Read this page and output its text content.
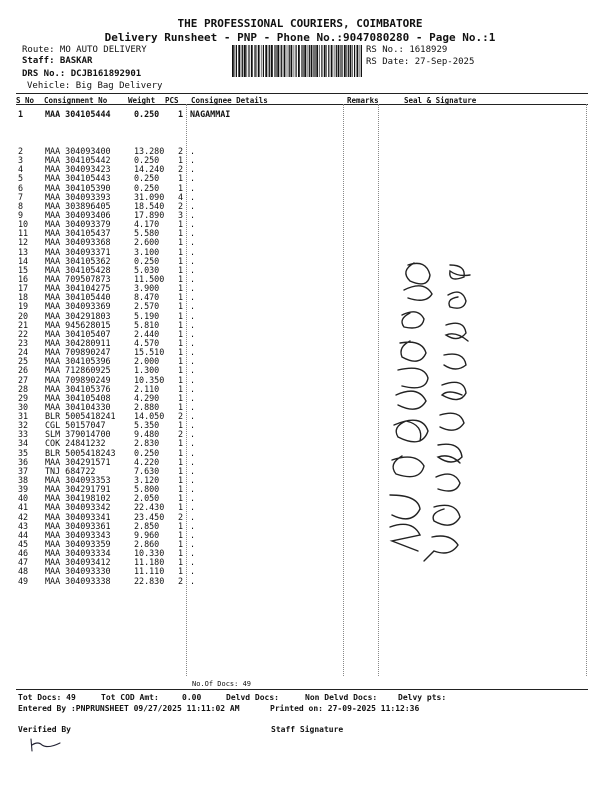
THE PROFESSIONAL COURIERS, COIMBATORE
Delivery Runsheet - PNP - Phone No.:9047080280 - Page No.:1
Route: MO AUTO DELIVERY
Staff: BASKAR
DRS No.: DCJB161892901
Vehicle: Big Bag Delivery
RS No.: 1618929
RS Date: 27-Sep-2025
S No Consignment No	Weight PCS Consignee Details	Remarks	Seal & Signature
1	MAA 304105444	0.250 1 NAGAMMAI
2	MAA 304093400	13.280 2 .
3	MAA 304105442	0.250 1 .
4	MAA 304093423	14.240 2 .
5	MAA 304105443	0.250 1 .
6	MAA 304105390	0.250 1 .
7	MAA 304093393	31.090 4 .
8	MAA 303896405	18.540 2 .
9	MAA 304093406	17.890 3 .
10 MAA 304093379	4.170 1 .
11 MAA 304105437	5.580 1 .
12 MAA 304093368	2.600 1 .
13 MAA 304093371	3.100 1 .
14 MAA 304105362	0.250 1 .
15 MAA 304105428	5.030 1 .
16 MAA 709507873	11.500 1 .
17 MAA 304104275	3.900 1 .
18 MAA 304105440	8.470 1 .
19 MAA 304093369	2.570 1 .
20 MAA 304291803	5.190 1 .
21 MAA 945628015	5.810 1 .
22 MAA 304105407	2.440 1 .
23 MAA 304280911	4.570 1 .
24 MAA 709890247	15.510 1 .
25 MAA 304105396	2.000 1 .
26 MAA 712860925	1.300 1 .
27 MAA 709890249	10.350 1 .
28 MAA 304105376	2.110 1 .
29 MAA 304105408	4.290 1 .
30 MAA 304104330	2.880 1 .
31 BLR 5005418241 14.050 2 .
32 CGL 50157047	5.350 1 .
33 SLM 379014700	9.480 2 .
34 COK 24841232	2.830 1 .
35 BLR 5005418243 0.250 1 .
36 MAA 304291571	4.220 1 .
37 TNJ 684722	7.630 1 .
38 MAA 304093353	3.120 1 .
39 MAA 304291791	5.800 1 .
40 MAA 304198102	2.050 1 .
41 MAA 304093342	22.430 1 .
42 MAA 304093341	23.450 2 .
43 MAA 304093361	2.850 1 .
44 MAA 304093343	9.960 1 .
45 MAA 304093359	2.860 1 .
46 MAA 304093334	10.330 1 .
47 MAA 304093412	11.180 1 .
48 MAA 304093330	11.110 1 .
49 MAA 304093338	22.830 2 .
9482820965 R25inemalagraa
No.Of Docs: 49
Tot Docs: 49	Tot COD Amt:	0.00	Delvd Docs:	Non Delvd Docs:	Delvy pts:
Entered By :PNPRUNSHEET 09/27/2025 11:11:02 AM	Printed on: 27-09-2025 11:12:36
Verified By	Staff Signature
